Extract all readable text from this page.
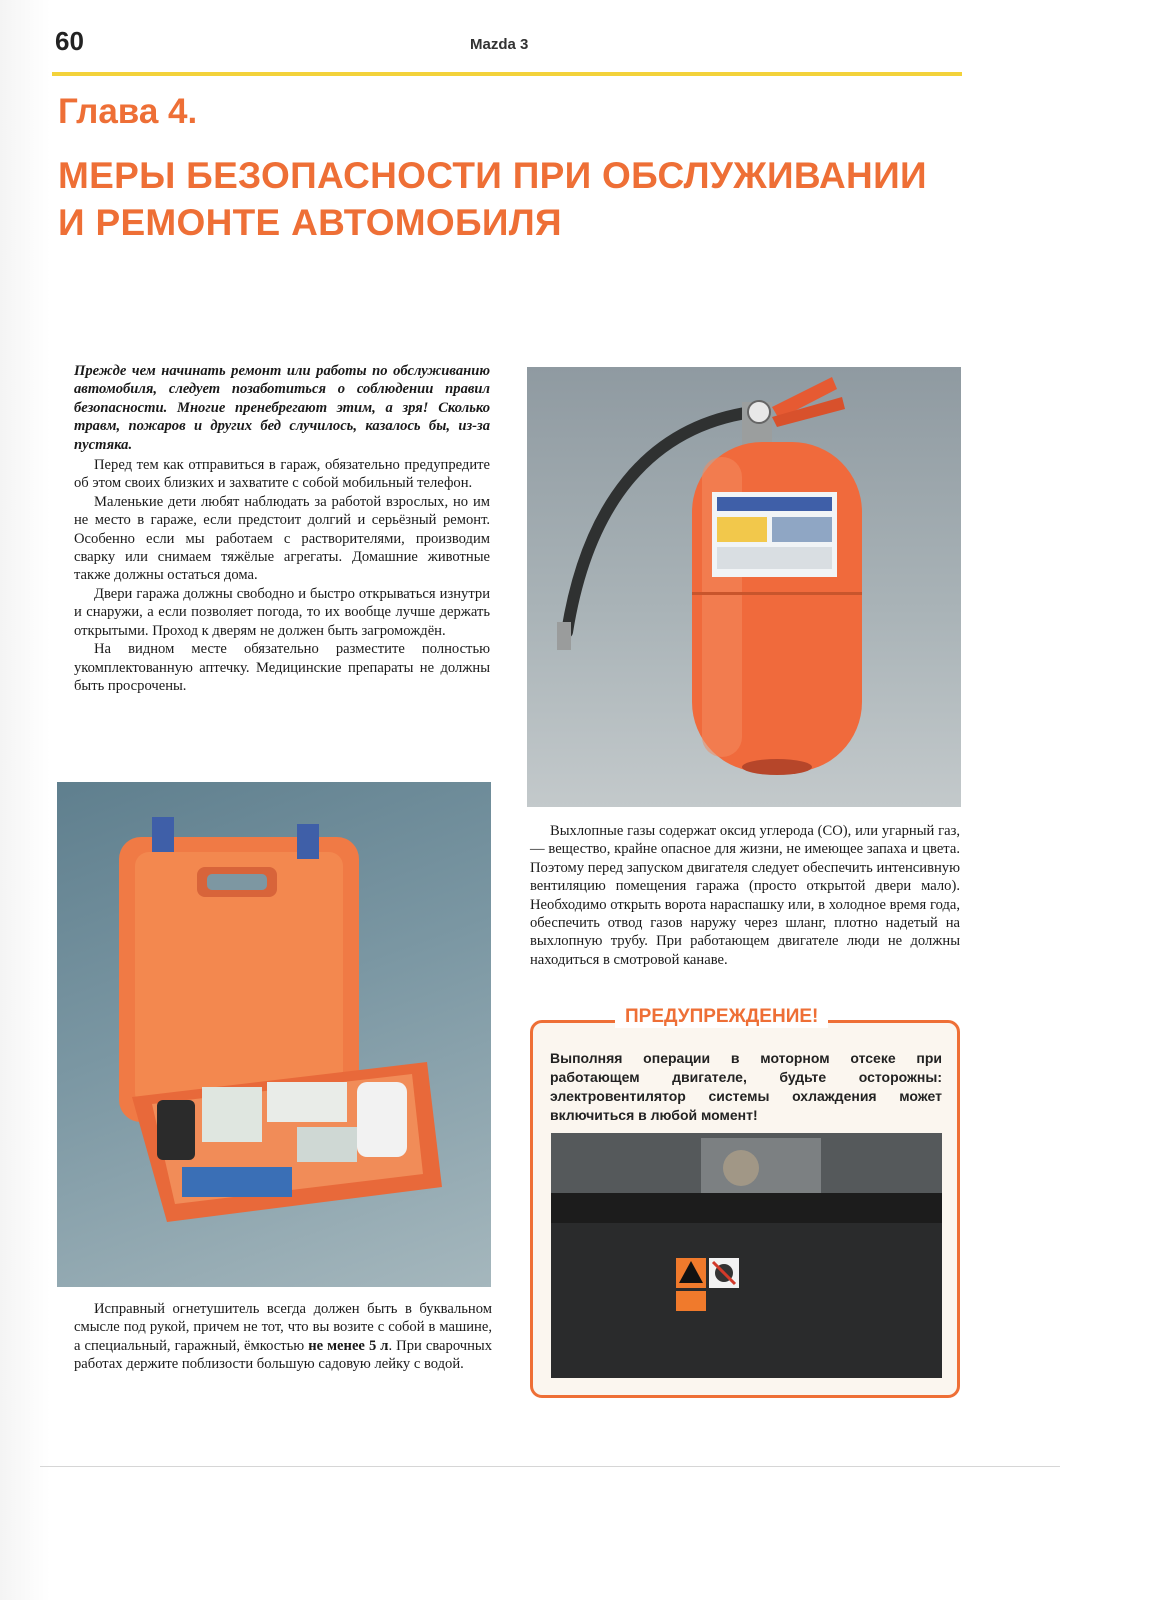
60	Mazda 3
Глава 4.
МЕРЫ БЕЗОПАСНОСТИ ПРИ ОБСЛУЖИВАНИИ
И РЕМОНТЕ АВТОМОБИЛЯ

Прежде чем начинать ремонт или работы по обслуживанию автомобиля, следует позаботиться о соблюдении правил безопасности. Многие пренебрегают этим, а зря! Сколько травм, пожаров и других бед случилось, казалось бы, из-за пустяка.

Перед тем как отправиться в гараж, обязательно предупредите об этом своих близких и захватите с собой мобильный телефон.

Маленькие дети любят наблюдать за работой взрослых, но им не место в гараже, если предстоит долгий и серьёзный ремонт. Особенно если мы работаем с растворителями, производим сварку или снимаем тяжёлые агрегаты. Домашние животные также должны остаться дома.

Двери гаража должны свободно и быстро открываться изнутри и снаружи, а если позволяет погода, то их вообще лучше держать открытыми. Проход к дверям не должен быть загромождён.

На видном месте обязательно разместите полностью укомплектованную аптечку. Медицинские препараты не должны быть просрочены.

Исправный огнетушитель всегда должен быть в буквальном смысле под рукой, причем не тот, что вы возите с собой в машине, а специальный, гаражный, ёмкостью не менее 5 л. При сварочных работах держите поблизости большую садовую лейку с водой.

Выхлопные газы содержат оксид углерода (СО), или угарный газ, — вещество, крайне опасное для жизни, не имеющее запаха и цвета. Поэтому перед запуском двигателя следует обеспечить интенсивную вентиляцию помещения гаража (просто открытой двери мало). Необходимо открыть ворота нараспашку или, в холодное время года, обеспечить отвод газов наружу через шланг, плотно надетый на выхлопную трубу. При работающем двигателе люди не должны находиться в смотровой канаве.

ПРЕДУПРЕЖДЕНИЕ!
Выполняя операции в моторном отсеке при работающем двигателе, будьте осторожны: электровентилятор системы охлаждения может включиться в любой момент!
